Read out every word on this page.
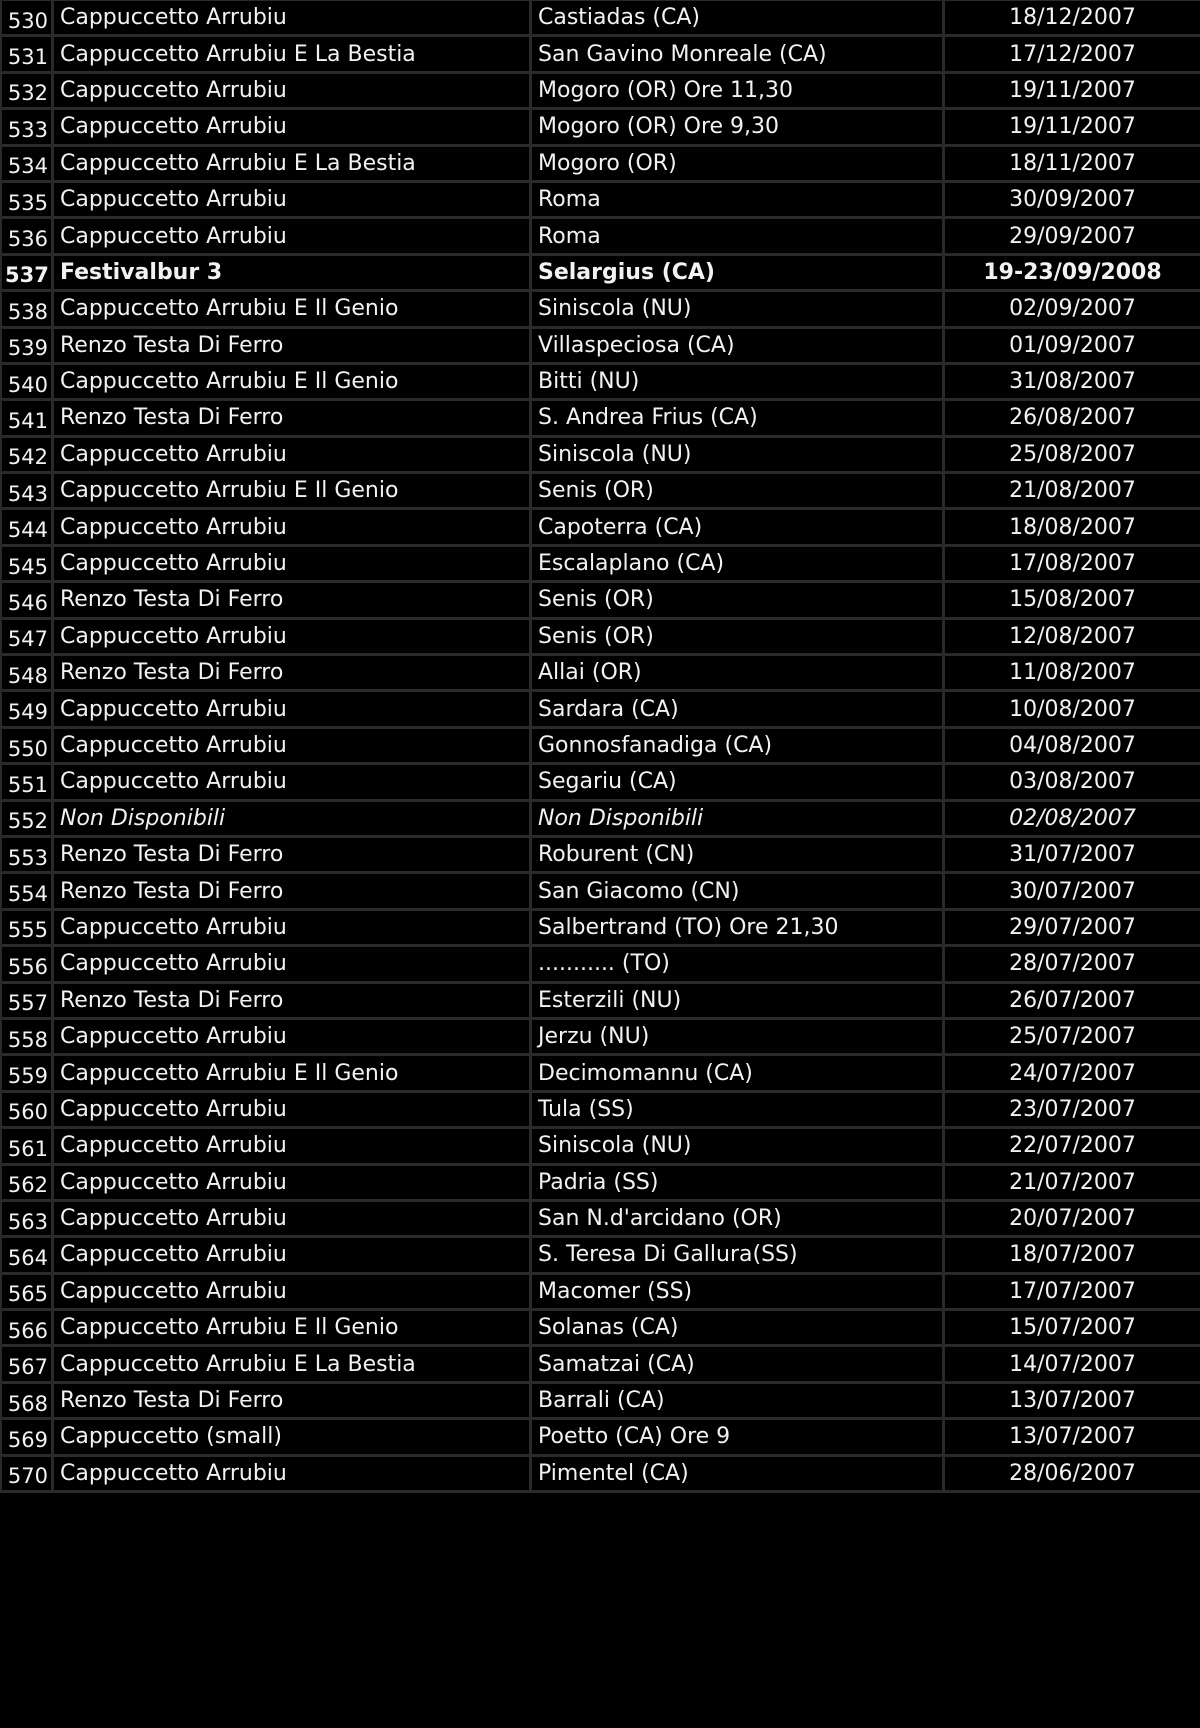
530	Cappuccetto Arrubiu	Castiadas (CA)	18/12/2007
531	Cappuccetto Arrubiu E La Bestia	San Gavino Monreale (CA)	17/12/2007
532	Cappuccetto Arrubiu	Mogoro (OR) Ore 11,30	19/11/2007
533	Cappuccetto Arrubiu	Mogoro (OR) Ore 9,30	19/11/2007
534	Cappuccetto Arrubiu E La Bestia	Mogoro (OR)	18/11/2007
535	Cappuccetto Arrubiu	Roma	30/09/2007
536	Cappuccetto Arrubiu	Roma	29/09/2007
537	Festivalbur 3	Selargius (CA)	19-23/09/2008
538	Cappuccetto Arrubiu E Il Genio	Siniscola (NU)	02/09/2007
539	Renzo Testa Di Ferro	Villaspeciosa (CA)	01/09/2007
540	Cappuccetto Arrubiu E Il Genio	Bitti (NU)	31/08/2007
541	Renzo Testa Di Ferro	S. Andrea Frius (CA)	26/08/2007
542	Cappuccetto Arrubiu	Siniscola (NU)	25/08/2007
543	Cappuccetto Arrubiu E Il Genio	Senis (OR)	21/08/2007
544	Cappuccetto Arrubiu	Capoterra (CA)	18/08/2007
545	Cappuccetto Arrubiu	Escalaplano (CA)	17/08/2007
546	Renzo Testa Di Ferro	Senis (OR)	15/08/2007
547	Cappuccetto Arrubiu	Senis (OR)	12/08/2007
548	Renzo Testa Di Ferro	Allai (OR)	11/08/2007
549	Cappuccetto Arrubiu	Sardara (CA)	10/08/2007
550	Cappuccetto Arrubiu	Gonnosfanadiga (CA)	04/08/2007
551	Cappuccetto Arrubiu	Segariu (CA)	03/08/2007
552	Non Disponibili	Non Disponibili	02/08/2007
553	Renzo Testa Di Ferro	Roburent (CN)	31/07/2007
554	Renzo Testa Di Ferro	San Giacomo (CN)	30/07/2007
555	Cappuccetto Arrubiu	Salbertrand (TO) Ore 21,30	29/07/2007
556	Cappuccetto Arrubiu	........... (TO)	28/07/2007
557	Renzo Testa Di Ferro	Esterzili (NU)	26/07/2007
558	Cappuccetto Arrubiu	Jerzu (NU)	25/07/2007
559	Cappuccetto Arrubiu E Il Genio	Decimomannu (CA)	24/07/2007
560	Cappuccetto Arrubiu	Tula (SS)	23/07/2007
561	Cappuccetto Arrubiu	Siniscola (NU)	22/07/2007
562	Cappuccetto Arrubiu	Padria (SS)	21/07/2007
563	Cappuccetto Arrubiu	San N.d'arcidano (OR)	20/07/2007
564	Cappuccetto Arrubiu	S. Teresa Di Gallura(SS)	18/07/2007
565	Cappuccetto Arrubiu	Macomer (SS)	17/07/2007
566	Cappuccetto Arrubiu E Il Genio	Solanas (CA)	15/07/2007
567	Cappuccetto Arrubiu E La Bestia	Samatzai (CA)	14/07/2007
568	Renzo Testa Di Ferro	Barrali (CA)	13/07/2007
569	Cappuccetto (small)	Poetto (CA) Ore 9	13/07/2007
570	Cappuccetto Arrubiu	Pimentel (CA)	28/06/2007
